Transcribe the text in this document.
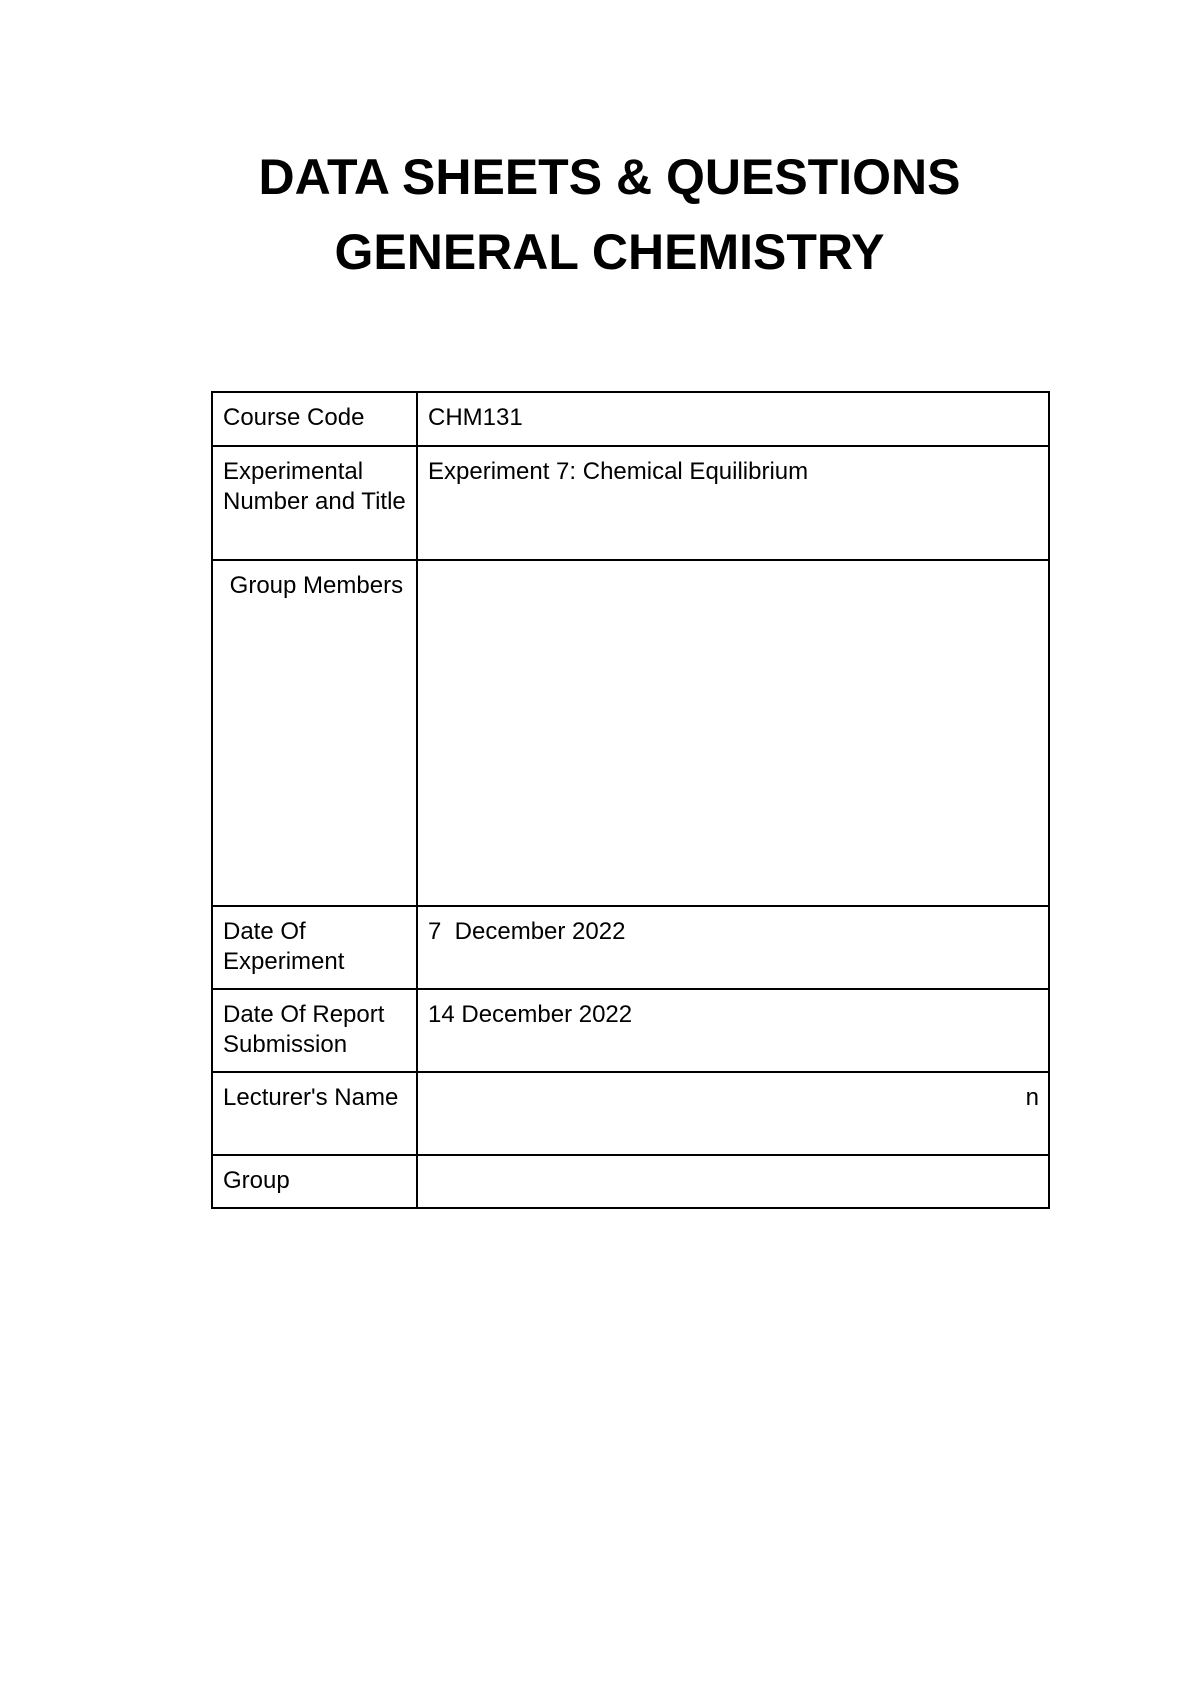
DATA SHEETS & QUESTIONS

GENERAL CHEMISTRY

Course Code	CHM131
Experimental Number and Title	Experiment 7: Chemical Equilibrium
Group Members	
Date Of Experiment	7  December 2022
Date Of Report Submission	14 December 2022
Lecturer's Name	n

Group	
